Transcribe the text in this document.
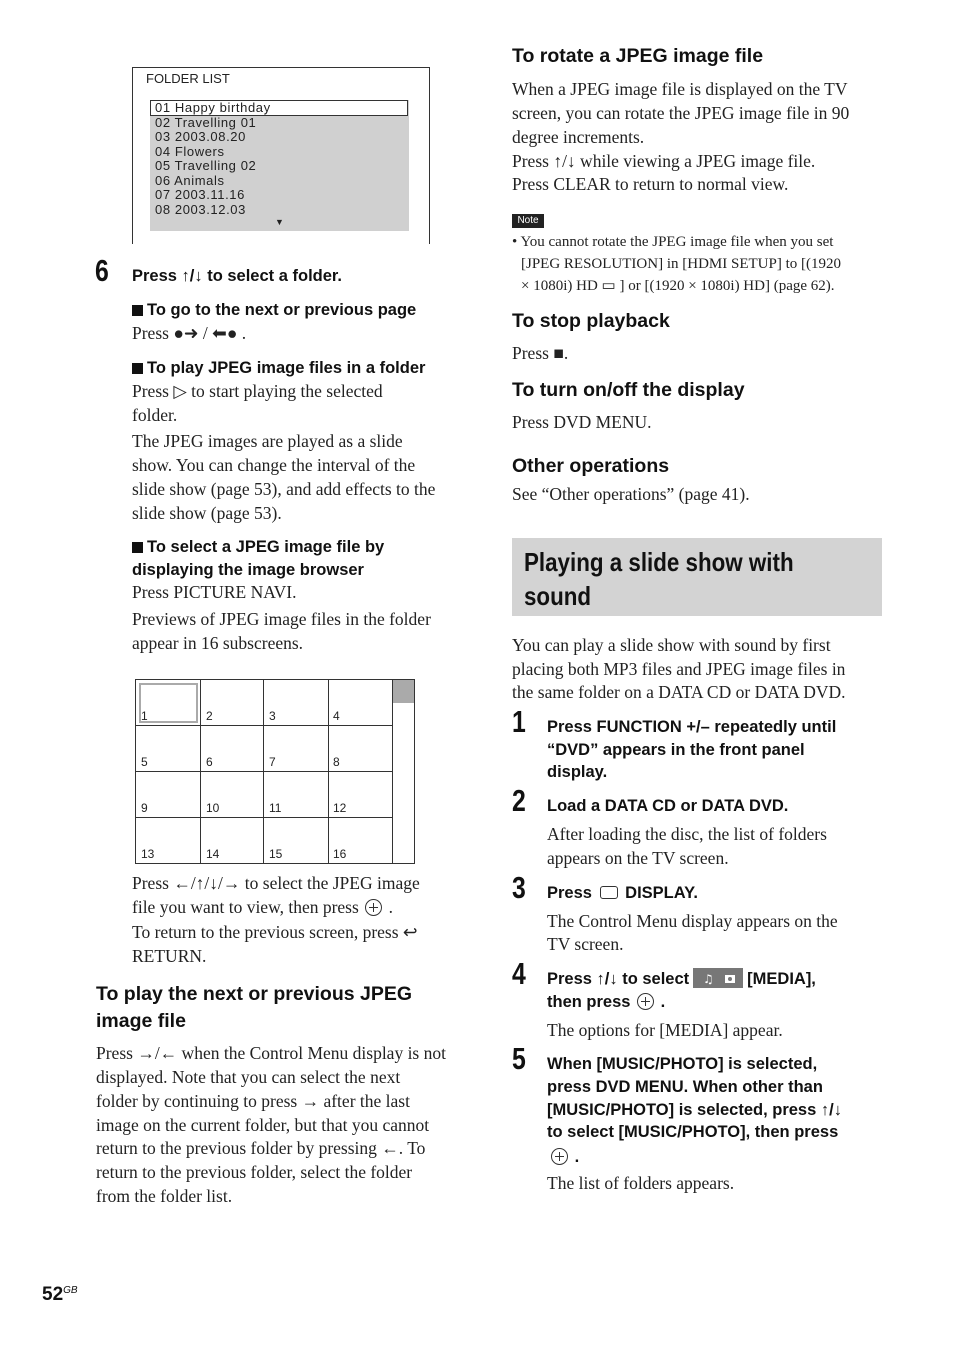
FOLDER LIST
01 Happy birthday
02 Travelling 01
03 2003.08.20
04 Flowers
05 Travelling 02
06 Animals
07 2003.11.16
08 2003.12.03
▼
6 Press ↑/↓ to select a folder.
To go to the next or previous page
Press ●➜ / ⬅● .
To play JPEG image files in a folder
Press ▷ to start playing the selected
folder.
The JPEG images are played as a slide
show. You can change the interval of the
slide show (page 53), and add effects to the
slide show (page 53).
To select a JPEG image file by
displaying the image browser
Press PICTURE NAVI.
Previews of JPEG image files in the folder
appear in 16 subscreens.
1	2	3	4
5	6	7	8
9	10	11	12
13	14	15	16
Press ←/↑/↓/→ to select the JPEG image
file you want to view, then press .
To return to the previous screen, press ↩
RETURN.
To play the next or previous JPEG
image file
Press →/← when the Control Menu display is not
displayed. Note that you can select the next
folder by continuing to press → after the last
image on the current folder, but that you cannot
return to the previous folder by pressing ←. To
return to the previous folder, select the folder
from the folder list.
$52^{GB}$
To rotate a JPEG image file
When a JPEG image file is displayed on the TV
screen, you can rotate the JPEG image file in 90
degree increments.
Press ↑/↓ while viewing a JPEG image file.
Press CLEAR to return to normal view.
Note
• You cannot rotate the JPEG image file when you set
[JPEG RESOLUTION] in [HDMI SETUP] to [(1920
× 1080i) HD ▭ ] or [(1920 × 1080i) HD] (page 62).
To stop playback
Press ■.
To turn on/off the display
Press DVD MENU.
Other operations
See “Other operations” (page 41).
Playing a slide show with
sound
You can play a slide show with sound by first
placing both MP3 files and JPEG image files in
the same folder on a DATA CD or DATA DVD.
1 Press FUNCTION +/– repeatedly until
“DVD” appears in the front panel
display.
2 Load a DATA CD or DATA DVD.
After loading the disc, the list of folders
appears on the TV screen.
3 Press DISPLAY.
The Control Menu display appears on the
TV screen.
4 Press ↑/↓ to select ♫ [MEDIA],
then press .
The options for [MEDIA] appear.
5 When [MUSIC/PHOTO] is selected,
press DVD MENU. When other than
[MUSIC/PHOTO] is selected, press ↑/↓
to select [MUSIC/PHOTO], then press
.
The list of folders appears.
